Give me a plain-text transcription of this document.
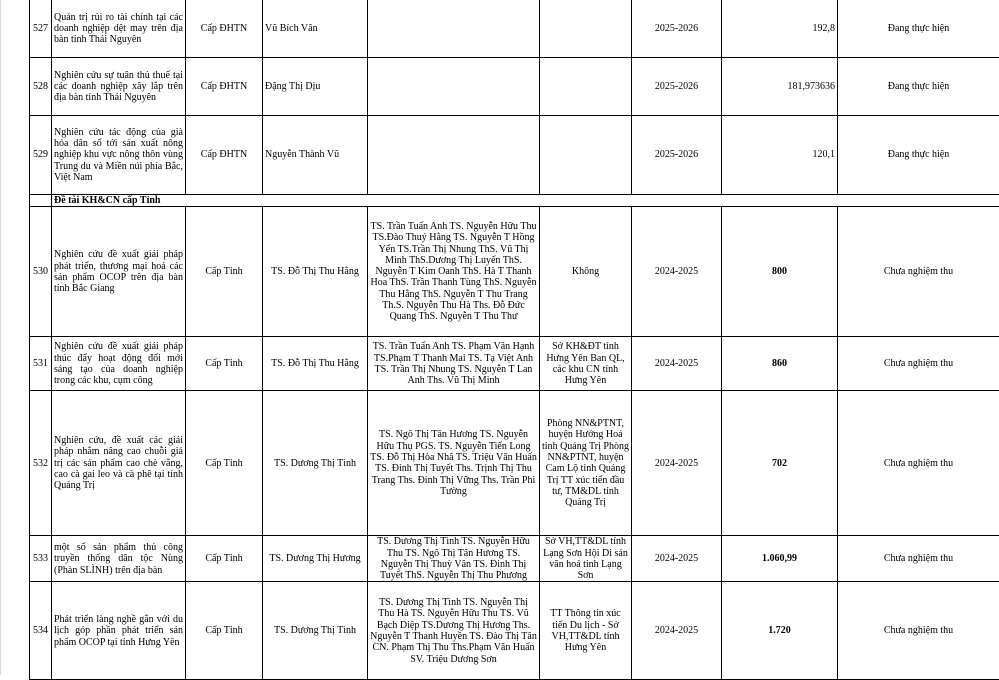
527	Quản trị rủi ro tài chính tại các doanh nghiệp dệt may trên địa bàn tỉnh Thái Nguyên	Cấp ĐHTN	Vũ Bích Vân			2025-2026	192,8	Đang thực hiện
528	Nghiên cứu sự tuân thủ thuế tại các doanh nghiệp xây lắp trên địa bàn tỉnh Thái Nguyên	Cấp ĐHTN	Đặng Thị Dịu			2025-2026	181,973636	Đang thực hiện
529	Nghiên cứu tác động của già hóa dân số tới sản xuất nông nghiệp khu vực nông thôn vùng Trung du và Miền núi phía Bắc, Việt Nam	Cấp ĐHTN	Nguyễn Thành Vũ			2025-2026	120,1	Đang thực hiện
	Đề tài KH&CN cấp Tỉnh							
530	Nghiên cứu đề xuất giải pháp phát triển, thương mại hoá các sản phẩm OCOP trên địa bàn tỉnh Bắc Giang	Cấp Tỉnh	TS. Đỗ Thị Thu Hằng	TS. Trần Tuấn Anh TS. Nguyễn Hữu Thu TS.Đào Thuý Hằng TS. Nguyễn T Hồng Yến TS.Trần Thị Nhung ThS. Vũ Thị Minh ThS.Dương Thị Luyến ThS. Nguyễn T Kim Oanh ThS. Hà T Thanh Hoa ThS. Trần Thanh Tùng ThS. Nguyễn Thu Hằng ThS. Nguyễn T Thu Trang Th.S. Nguyễn Thu Hà Ths. Đỗ Đức Quang ThS. Nguyễn T Thu Thư	Không	2024-2025	800	Chưa nghiệm thu
531	Nghiên cứu đề xuất giải pháp thúc đẩy hoạt động đổi mới sáng tạo của doanh nghiệp trong các khu, cụm công	Cấp Tỉnh	TS. Đỗ Thị Thu Hằng	TS. Trần Tuấn Anh TS. Phạm Văn Hạnh TS.Phạm T Thanh Mai TS. Tạ Việt Anh TS. Trần Thị Nhung TS. Nguyễn T Lan Anh Ths. Vũ Thị Minh	Sở KH&ĐT tỉnh Hưng Yên Ban QL, các khu CN tỉnh Hưng Yên	2024-2025	860	Chưa nghiệm thu
532	Nghiên cứu, đề xuất các giải pháp nhằm nâng cao chuỗi giá trị các sản phẩm cao chè vằng, cao cà gai leo và cà phê tại tỉnh Quảng Trị	Cấp Tỉnh	TS. Dương Thị Tình	TS. Ngô Thị Tân Hương TS. Nguyễn Hữu Thụ PGS. TS. Nguyễn Tiến Long TS. Đỗ Thị Hòa Nhã TS. Triệu Văn Huấn TS. Đinh Thị Tuyết Ths. Trịnh Thị Thu Trang Ths. Đinh Thị Vững Ths. Trần Phi Tường	Phòng NN&PTNT, huyện Hướng Hoá tỉnh Quảng Trị Phòng NN&PTNT, huyện Cam Lộ tỉnh Quảng Trị TT xúc tiến đầu tư, TM&DL tỉnh Quảng Trị	2024-2025	702	Chưa nghiệm thu
533	một số sản phẩm thủ công truyền thống dân tộc Nùng (Phàn SLÌNH) trên địa bàn	Cấp Tỉnh	TS. Dương Thị Hương	TS. Dương Thị Tình TS. Nguyễn Hữu Thu TS. Ngô Thị Tân Hương TS. Nguyễn Thị Thuỳ Vân TS. Đinh Thị Tuyết ThS. Nguyễn Thị Thu Phương	Sở VH,TT&DL tỉnh Lạng Sơn Hội Di sản văn hoá tỉnh Lạng Sơn	2024-2025	1.060,99	Chưa nghiệm thu
534	Phát triển làng nghề gắn với du lịch góp phần phát triển sản phẩm OCOP tại tỉnh Hưng Yên	Cấp Tỉnh	TS. Dương Thị Tình	TS. Dương Thị Tình TS. Nguyễn Thị Thu Hà TS. Nguyễn Hữu Thu TS. Vũ Bạch Diệp TS.Dương Thị Hương Ths. Nguyễn T Thanh Huyền TS. Đào Thị Tân CN. Phạm Thị Thu Ths.Phạm Văn Huấn SV. Triệu Dương Sơn	TT Thông tin xúc tiến Du lịch - Sở VH,TT&DL tỉnh Hưng Yên	2024-2025	1.720	Chưa nghiệm thu
